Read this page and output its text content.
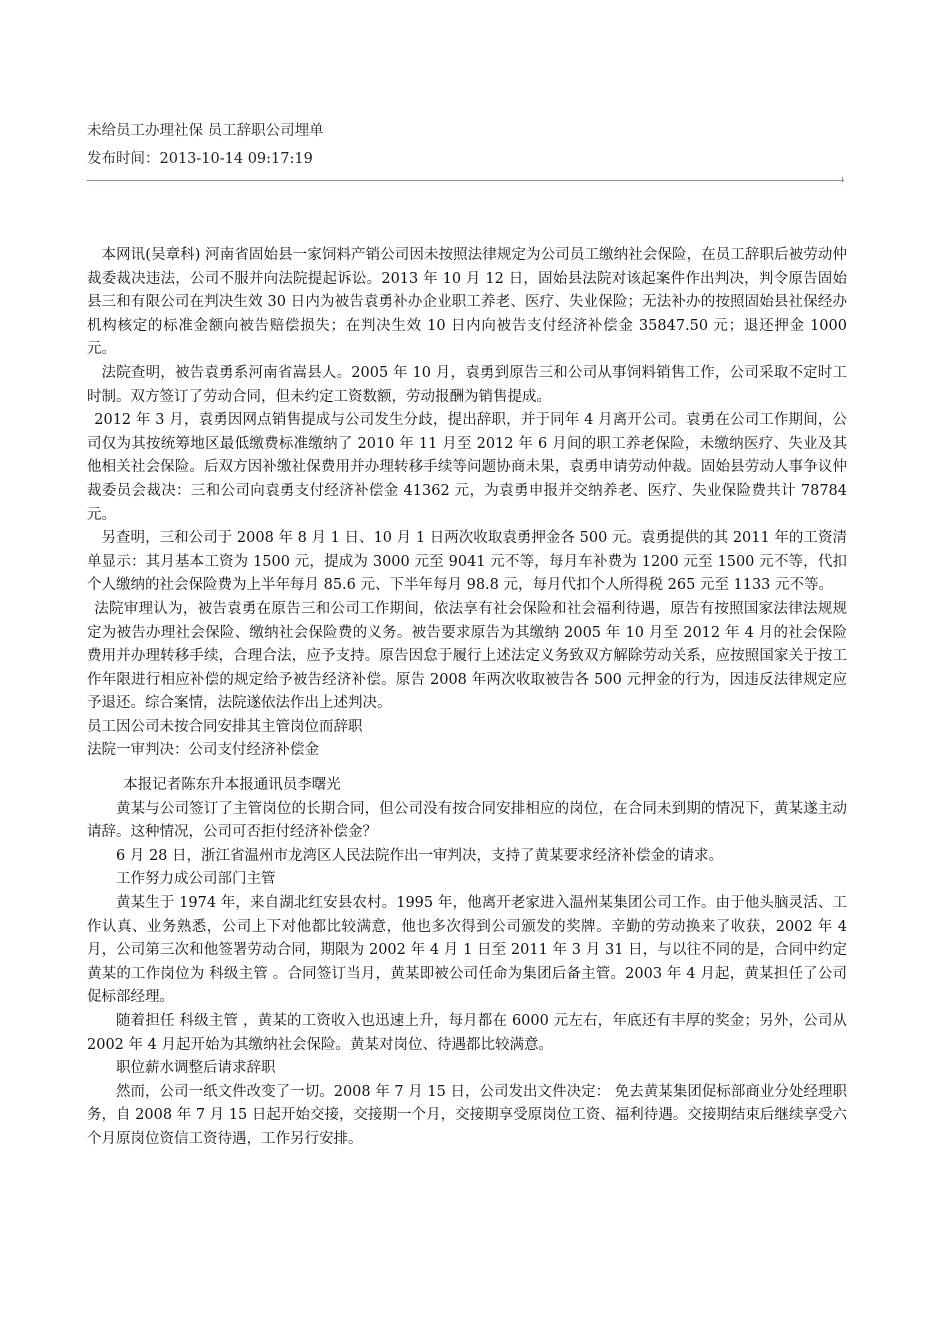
未给员工办理社保 员工辞职公司埋单
发布时间：2013-10-14 09:17:19

本网讯(吴章科) 河南省固始县一家饲料产销公司因未按照法律规定为公司员工缴纳社会保险，在员工辞职后被劳动仲裁委裁决违法，公司不服并向法院提起诉讼。2013 年 10 月 12 日，固始县法院对该起案件作出判决，判令原告固始县三和有限公司在判决生效 30 日内为被告袁勇补办企业职工养老、医疗、失业保险；无法补办的按照固始县社保经办机构核定的标准金额向被告赔偿损失；在判决生效 10 日内向被告支付经济补偿金 35847.50 元；退还押金 1000 元。

法院查明，被告袁勇系河南省嵩县人。2005 年 10 月，袁勇到原告三和公司从事饲料销售工作，公司采取不定时工时制。双方签订了劳动合同，但未约定工资数额，劳动报酬为销售提成。

2012 年 3 月，袁勇因网点销售提成与公司发生分歧，提出辞职，并于同年 4 月离开公司。袁勇在公司工作期间，公司仅为其按统筹地区最低缴费标准缴纳了 2010 年 11 月至 2012 年 6 月间的职工养老保险，未缴纳医疗、失业及其他相关社会保险。后双方因补缴社保费用并办理转移手续等问题协商未果，袁勇申请劳动仲裁。固始县劳动人事争议仲裁委员会裁决：三和公司向袁勇支付经济补偿金 41362 元，为袁勇申报并交纳养老、医疗、失业保险费共计 78784 元。

另查明，三和公司于 2008 年 8 月 1 日、10 月 1 日两次收取袁勇押金各 500 元。袁勇提供的其 2011 年的工资清单显示：其月基本工资为 1500 元，提成为 3000 元至 9041 元不等，每月车补费为 1200 元至 1500 元不等，代扣个人缴纳的社会保险费为上半年每月 85.6 元、下半年每月 98.8 元，每月代扣个人所得税 265 元至 1133 元不等。

法院审理认为，被告袁勇在原告三和公司工作期间，依法享有社会保险和社会福利待遇，原告有按照国家法律法规规定为被告办理社会保险、缴纳社会保险费的义务。被告要求原告为其缴纳 2005 年 10 月至 2012 年 4 月的社会保险费用并办理转移手续，合理合法，应予支持。原告因怠于履行上述法定义务致双方解除劳动关系，应按照国家关于按工作年限进行相应补偿的规定给予被告经济补偿。原告 2008 年两次收取被告各 500 元押金的行为，因违反法律规定应予退还。综合案情，法院遂依法作出上述判决。

员工因公司未按合同安排其主管岗位而辞职

法院一审判决：公司支付经济补偿金

本报记者陈东升本报通讯员李曙光

黄某与公司签订了主管岗位的长期合同，但公司没有按合同安排相应的岗位，在合同未到期的情况下，黄某遂主动请辞。这种情况，公司可否拒付经济补偿金？

6 月 28 日，浙江省温州市龙湾区人民法院作出一审判决，支持了黄某要求经济补偿金的请求。

工作努力成公司部门主管

黄某生于 1974 年，来自湖北红安县农村。1995 年，他离开老家进入温州某集团公司工作。由于他头脑灵活、工作认真、业务熟悉，公司上下对他都比较满意，他也多次得到公司颁发的奖牌。辛勤的劳动换来了收获，2002 年 4 月，公司第三次和他签署劳动合同，期限为 2002 年 4 月 1 日至 2011 年 3 月 31 日，与以往不同的是，合同中约定黄某的工作岗位为 科级主管 。合同签订当月，黄某即被公司任命为集团后备主管。2003 年 4 月起，黄某担任了公司促标部经理。

随着担任 科级主管 ，黄某的工资收入也迅速上升，每月都在 6000 元左右，年底还有丰厚的奖金；另外，公司从 2002 年 4 月起开始为其缴纳社会保险。黄某对岗位、待遇都比较满意。

职位薪水调整后请求辞职

然而，公司一纸文件改变了一切。2008 年 7 月 15 日，公司发出文件决定： 免去黄某集团促标部商业分处经理职务，自 2008 年 7 月 15 日起开始交接，交接期一个月，交接期享受原岗位工资、福利待遇。交接期结束后继续享受六个月原岗位资信工资待遇，工作另行安排。
